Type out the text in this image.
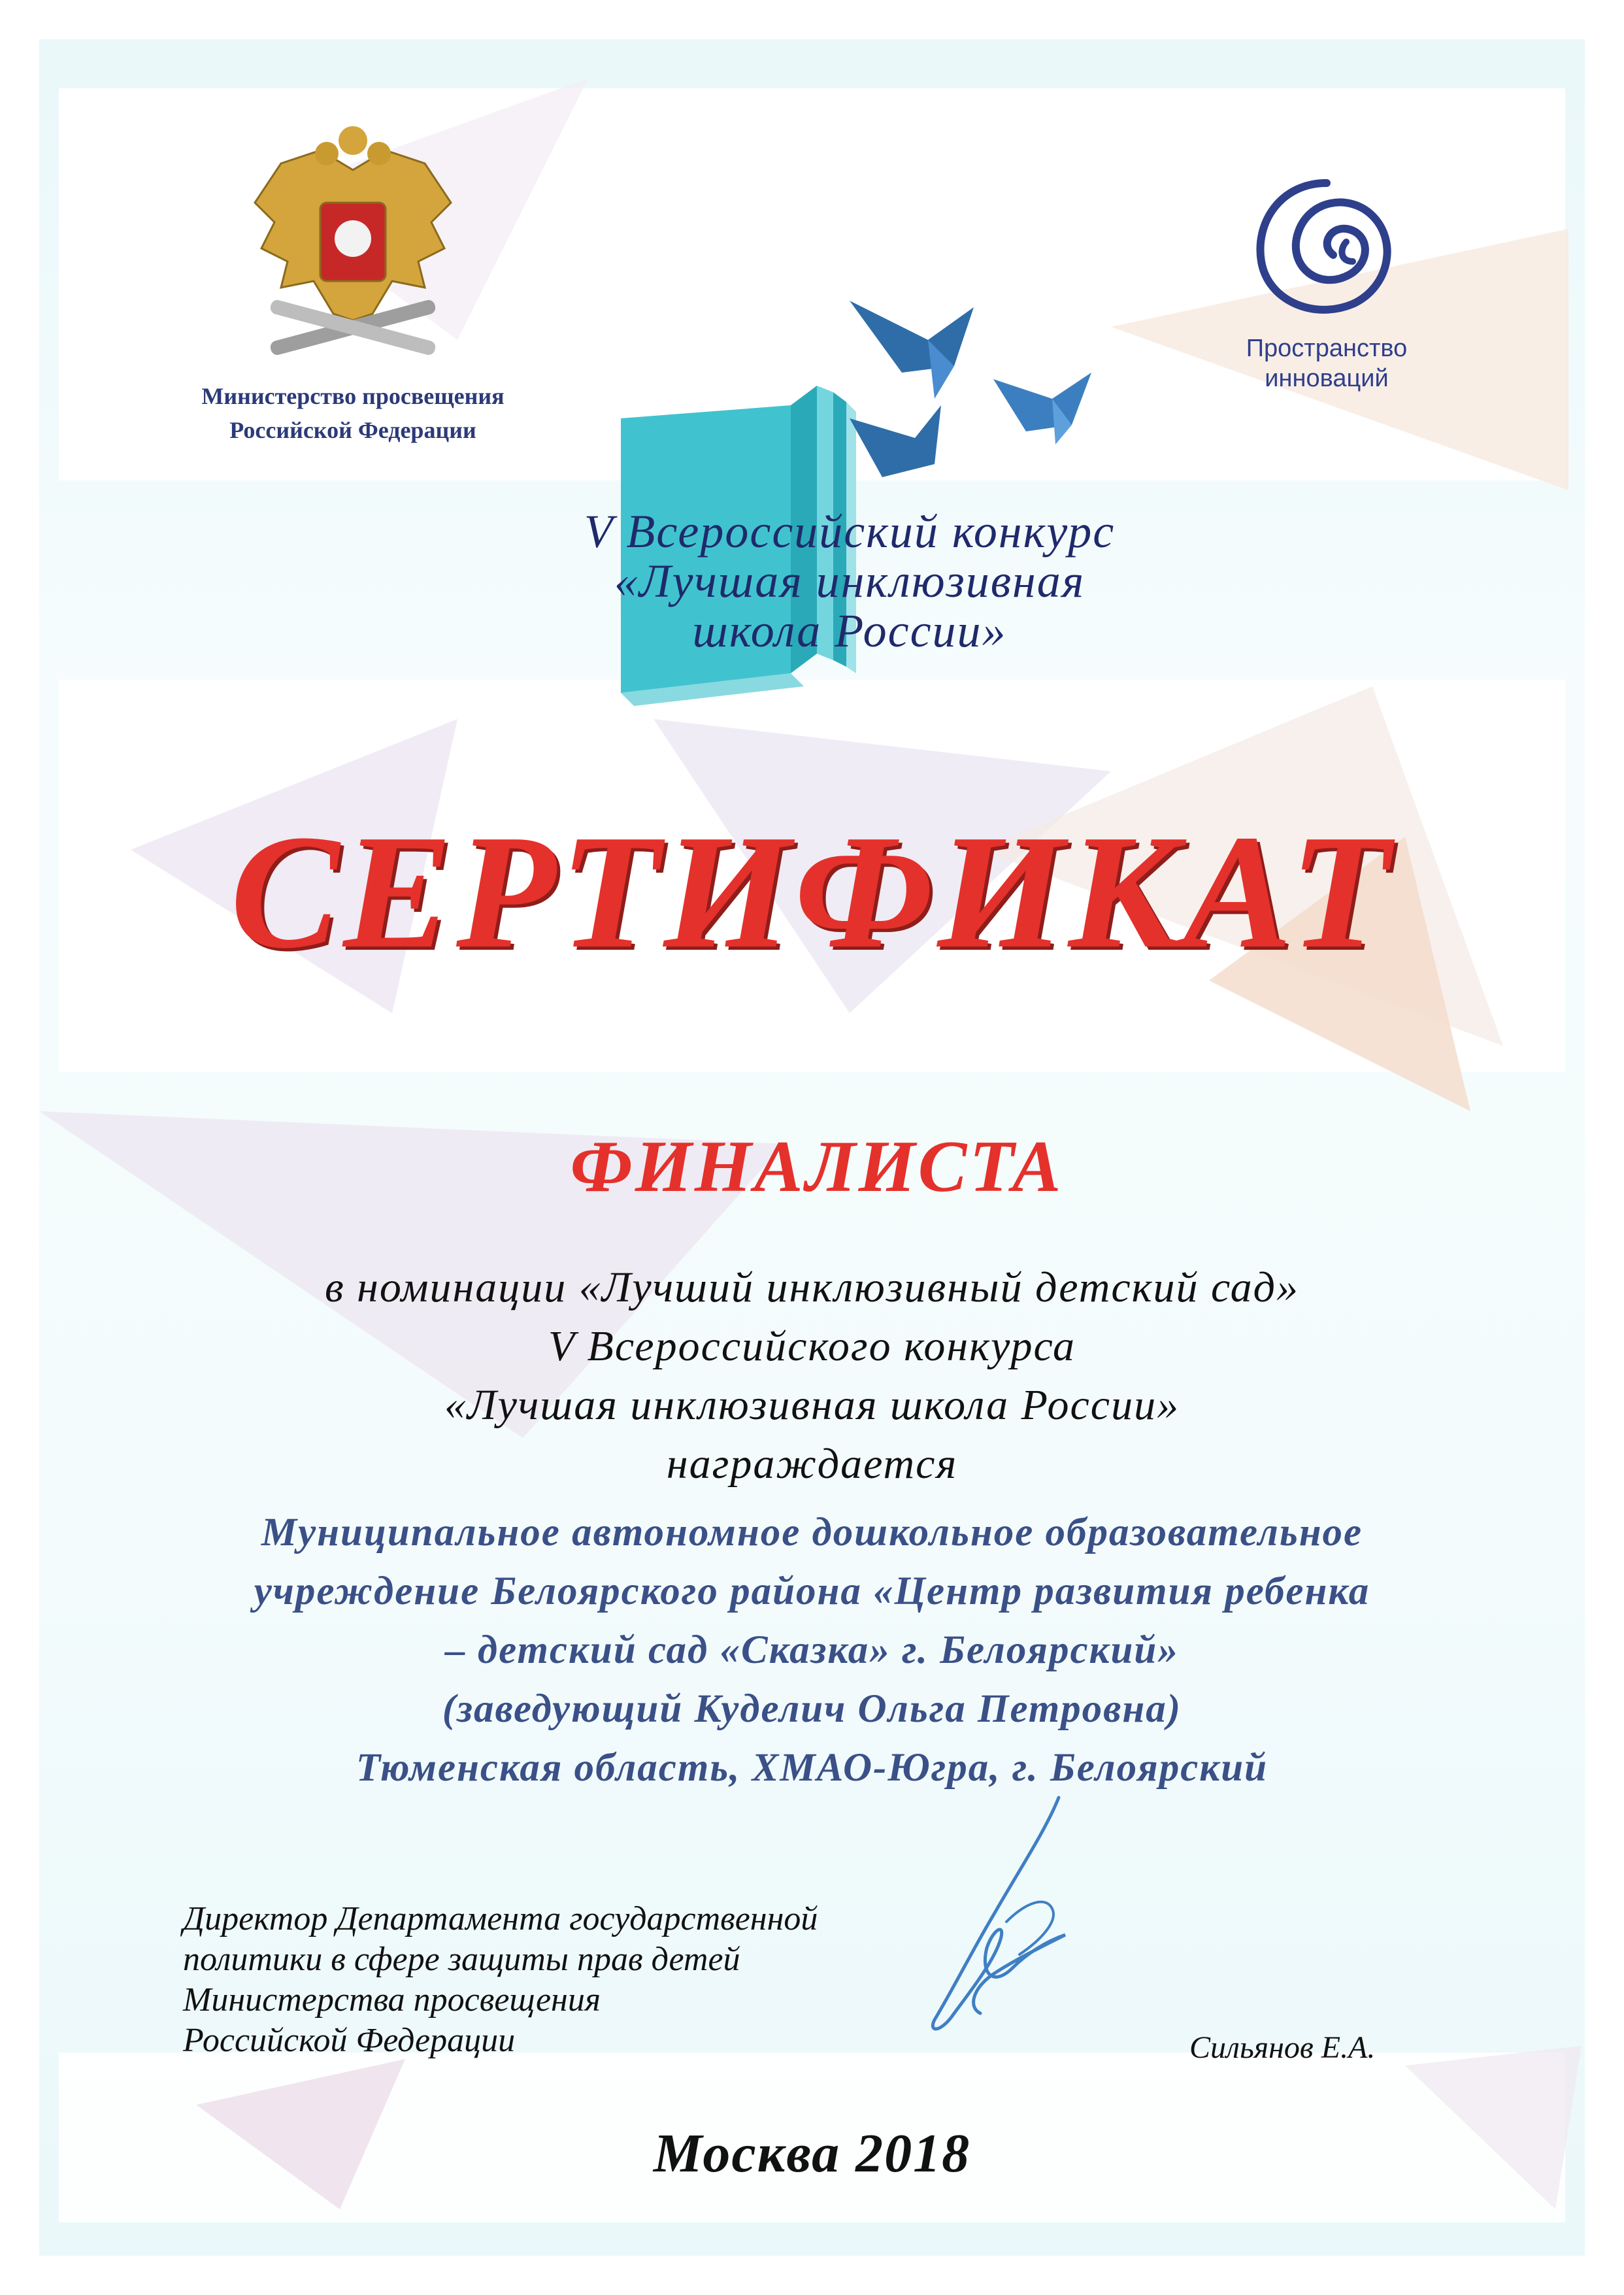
Министерство просвещения
Российской Федерации
Пространство
инноваций
V Всероссийский конкурс
«Лучшая инклюзивная
школа России»
СЕРТИФИКАТ
ФИНАЛИСТА
в номинации «Лучший инклюзивный детский сад»
V Всероссийского конкурса
«Лучшая инклюзивная школа России»
награждается
Муниципальное автономное дошкольное образовательное
учреждение Белоярского района «Центр развития ребенка
– детский сад «Сказка» г. Белоярский»
(заведующий Куделич Ольга Петровна)
Тюменская область, ХМАО-Югра, г. Белоярский
Директор Департамента государственной
политики в сфере защиты прав детей
Министерства просвещения
Российской Федерации	Сильянов Е.А.
Москва 2018
